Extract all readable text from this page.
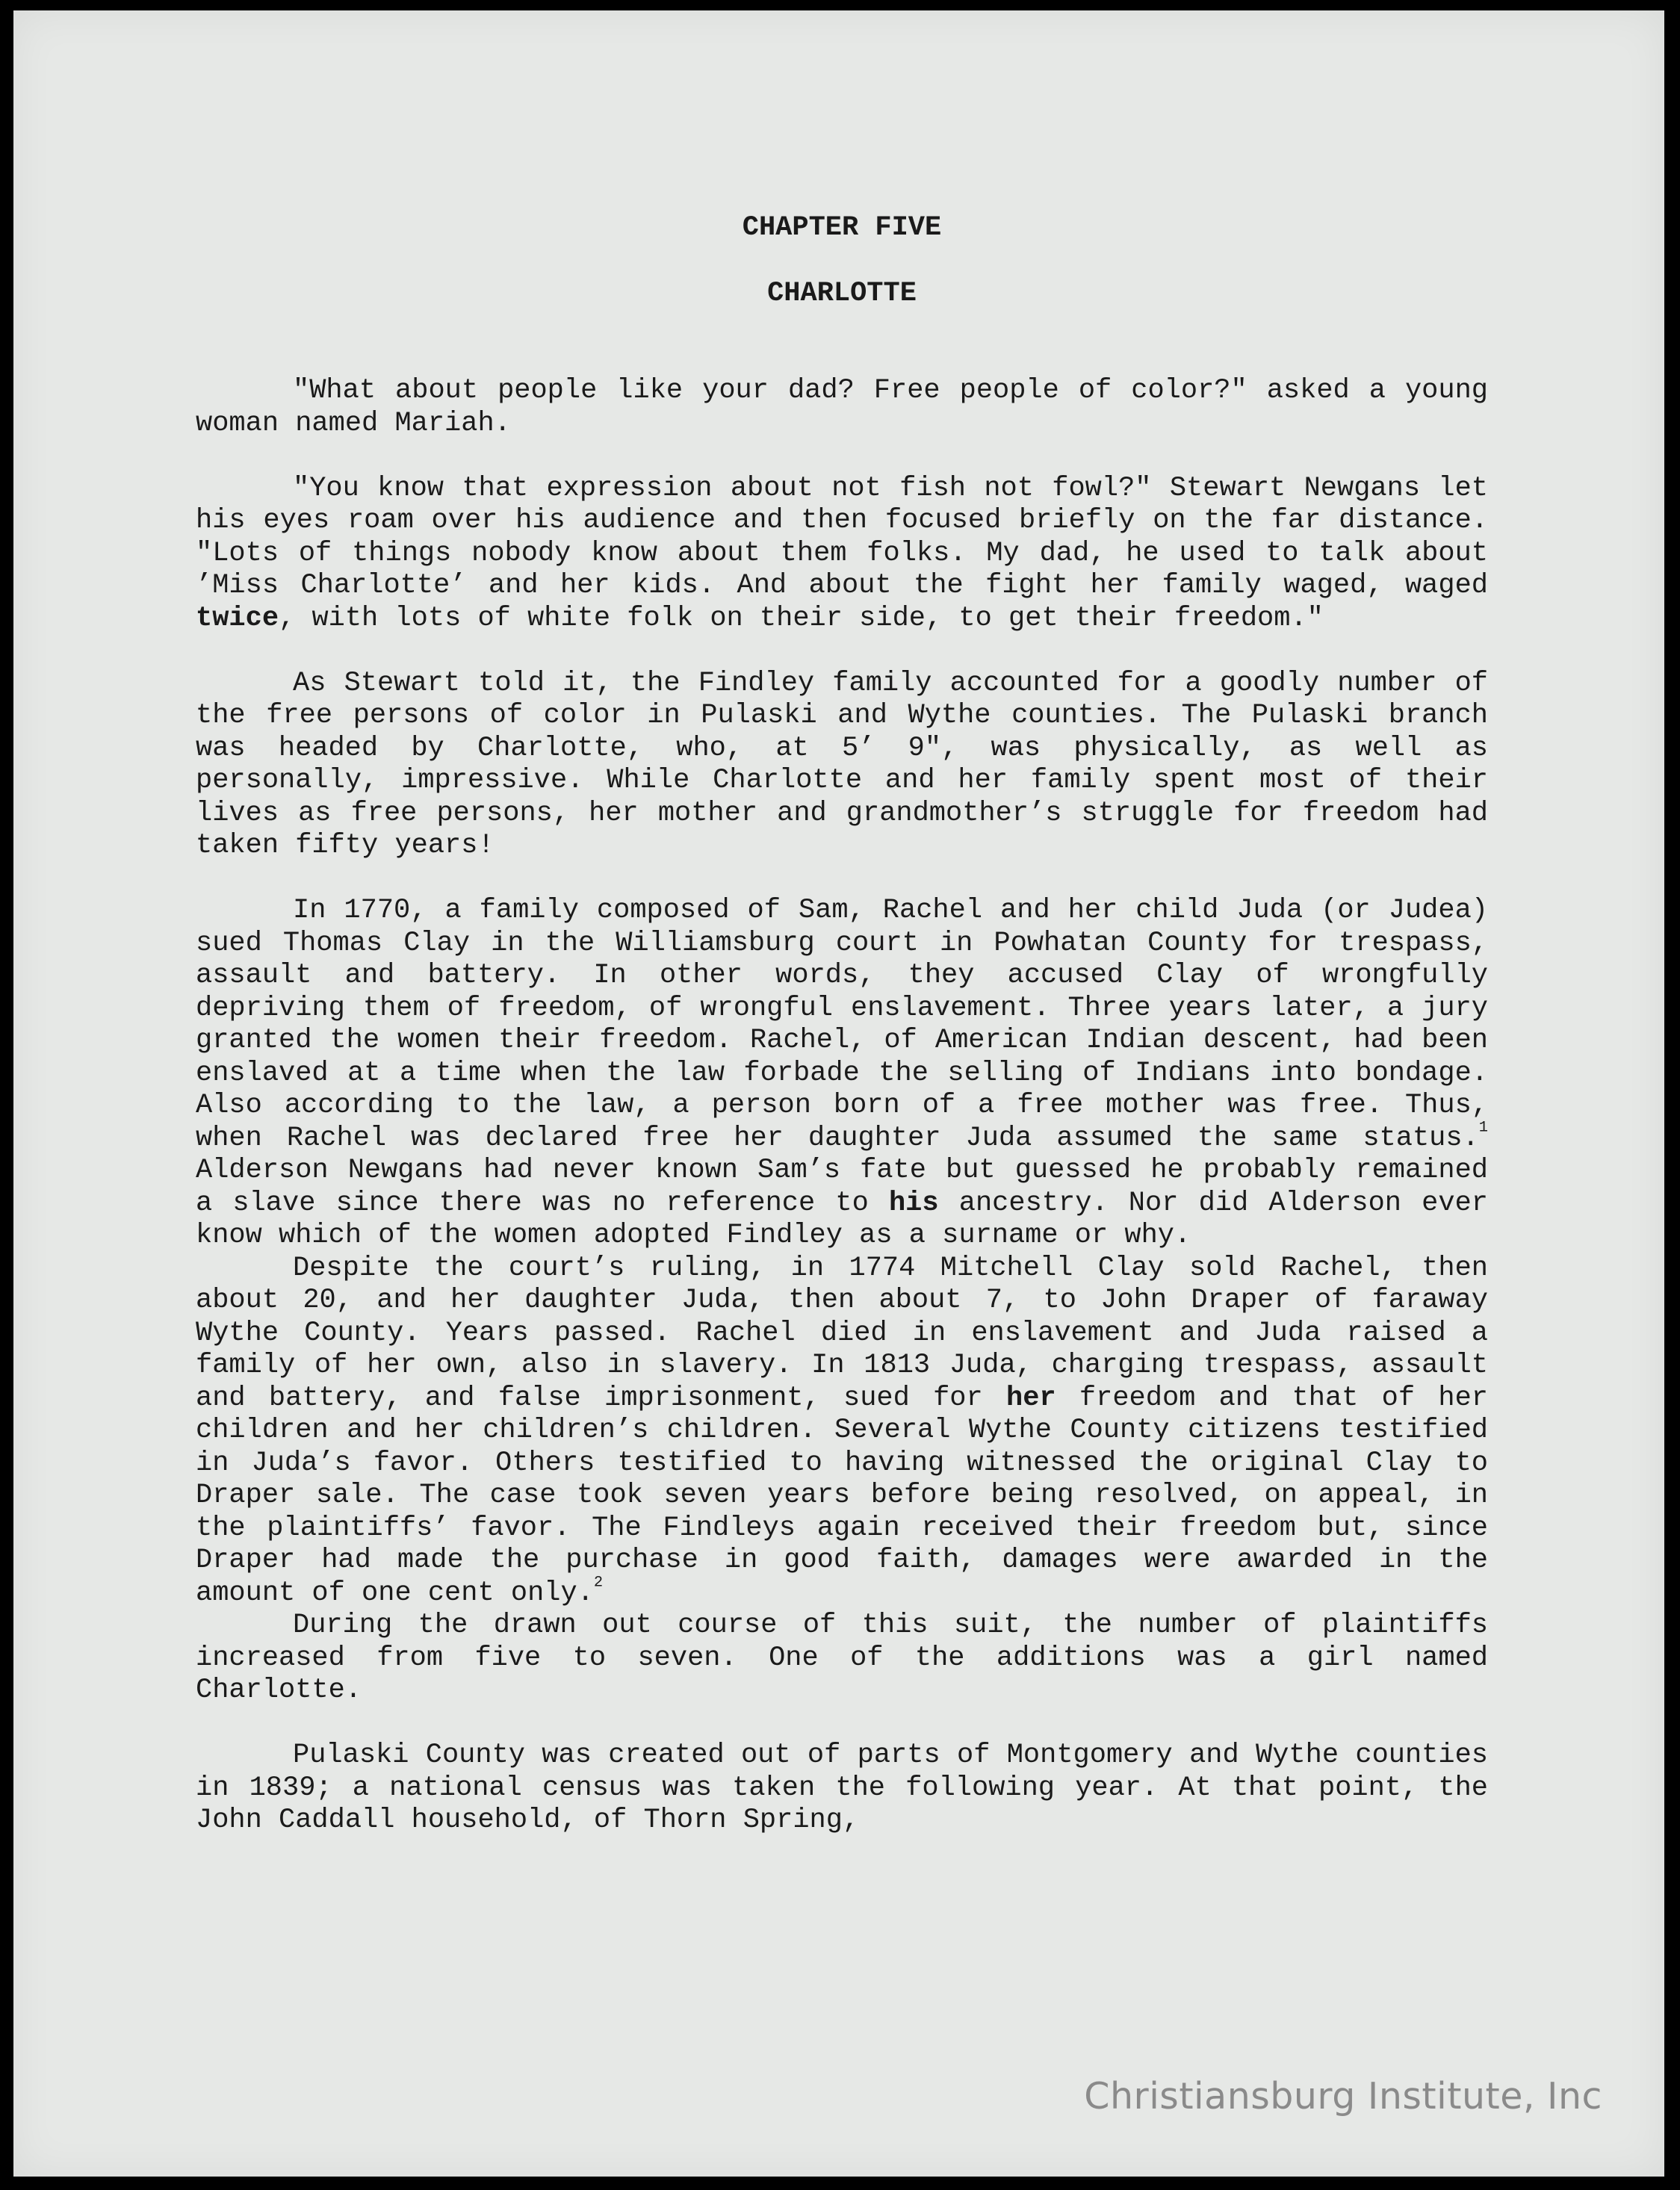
CHAPTER FIVE
CHARLOTTE

"What about people like your dad? Free people of color?" asked a young woman named Mariah.

"You know that expression about not fish not fowl?" Stewart Newgans let his eyes roam over his audience and then focused briefly on the far distance. "Lots of things nobody know about them folks. My dad, he used to talk about ’Miss Charlotte’ and her kids. And about the fight her family waged, waged twice, with lots of white folk on their side, to get their freedom."

As Stewart told it, the Findley family accounted for a goodly number of the free persons of color in Pulaski and Wythe counties. The Pulaski branch was headed by Charlotte, who, at 5’ 9", was physically, as well as personally, impressive. While Charlotte and her family spent most of their lives as free persons, her mother and grandmother’s struggle for freedom had taken fifty years!

In 1770, a family composed of Sam, Rachel and her child Juda (or Judea) sued Thomas Clay in the Williamsburg court in Powhatan County for trespass, assault and battery. In other words, they accused Clay of wrongfully depriving them of freedom, of wrongful enslavement. Three years later, a jury granted the women their freedom. Rachel, of American Indian descent, had been enslaved at a time when the law forbade the selling of Indians into bondage. Also according to the law, a person born of a free mother was free. Thus, when Rachel was declared free her daughter Juda assumed the same status.$^1$ Alderson Newgans had never known Sam’s fate but guessed he probably remained a slave since there was no reference to his ancestry. Nor did Alderson ever know which of the women adopted Findley as a surname or why.

Despite the court’s ruling, in 1774 Mitchell Clay sold Rachel, then about 20, and her daughter Juda, then about 7, to John Draper of faraway Wythe County. Years passed. Rachel died in enslavement and Juda raised a family of her own, also in slavery. In 1813 Juda, charging trespass, assault and battery, and false imprisonment, sued for her freedom and that of her children and her children’s children. Several Wythe County citizens testified in Juda’s favor. Others testified to having witnessed the original Clay to Draper sale. The case took seven years before being resolved, on appeal, in the plaintiffs’ favor. The Findleys again received their freedom but, since Draper had made the purchase in good faith, damages were awarded in the amount of one cent only.$^2$

During the drawn out course of this suit, the number of plaintiffs increased from five to seven. One of the additions was a girl named Charlotte.

Pulaski County was created out of parts of Montgomery and Wythe counties in 1839; a national census was taken the following year. At that point, the John Caddall household, of Thorn Spring,

Christiansburg Institute, Inc
